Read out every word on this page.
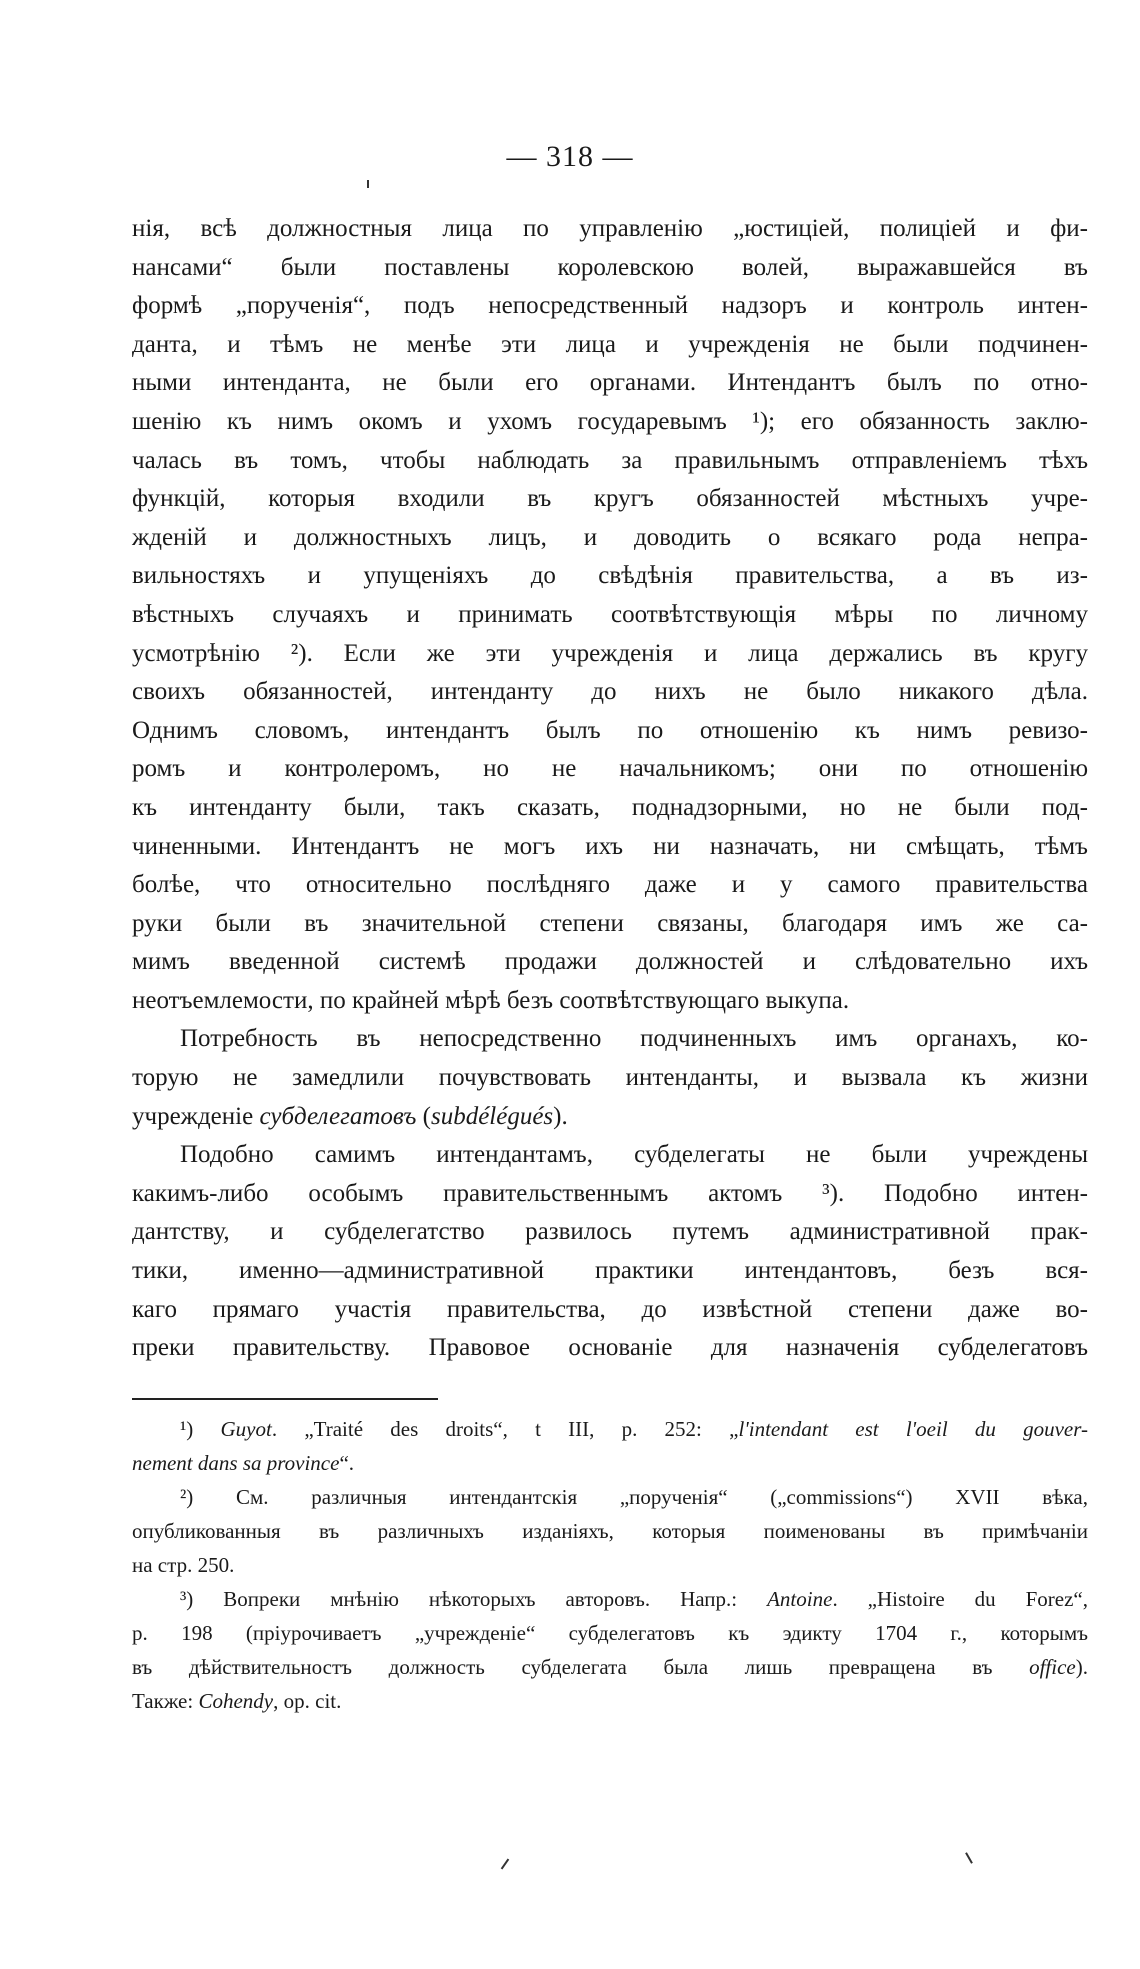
— 318 —
нія, всѣ должностныя лица по управленію „юстиціей, полиціей и фи-
нансами“ были поставлены королевскою волей, выражавшейся въ
формѣ „порученія“, подъ непосредственный надзоръ и контроль интен-
данта, и тѣмъ не менѣе эти лица и учрежденія не были подчинен-
ными интенданта, не были его органами. Интендантъ былъ по отно-
шенію къ нимъ окомъ и ухомъ государевымъ ¹); его обязанность заклю-
чалась въ томъ, чтобы наблюдать за правильнымъ отправленіемъ тѣхъ
функцій, которыя входили въ кругъ обязанностей мѣстныхъ учре-
жденій и должностныхъ лицъ, и доводить о всякаго рода непра-
вильностяхъ и упущеніяхъ до свѣдѣнія правительства, а въ из-
вѣстныхъ случаяхъ и принимать соотвѣтствующія мѣры по личному
усмотрѣнію ²). Если же эти учрежденія и лица держались въ кругу
своихъ обязанностей, интенданту до нихъ не было никакого дѣла.
Однимъ словомъ, интендантъ былъ по отношенію къ нимъ ревизо-
ромъ и контролеромъ, но не начальникомъ; они по отношенію
къ интенданту были, такъ сказать, поднадзорными, но не были под-
чиненными. Интендантъ не могъ ихъ ни назначать, ни смѣщать, тѣмъ
болѣе, что относительно послѣдняго даже и у самого правительства
руки были въ значительной степени связаны, благодаря имъ же са-
мимъ введенной системѣ продажи должностей и слѣдовательно ихъ
неотъемлемости, по крайней мѣрѣ безъ соотвѣтствующаго выкупа.
Потребность въ непосредственно подчиненныхъ имъ органахъ, ко-
торую не замедлили почувствовать интенданты, и вызвала къ жизни
учрежденіе субделегатовъ (subdélégués).
Подобно самимъ интендантамъ, субделегаты не были учреждены
какимъ-либо особымъ правительственнымъ актомъ ³). Подобно интен-
дантству, и субделегатство развилось путемъ административной прак-
тики, именно—административной практики интендантовъ, безъ вся-
каго прямаго участія правительства, до извѣстной степени даже во-
преки правительству. Правовое основаніе для назначенія субделегатовъ
¹) Guyot. „Traité des droits“, t III, p. 252: „l'intendant est l'oeil du gouver-
nement dans sa province“.
²) См. различныя интендантскія „порученія“ („commissions“) XVII вѣка,
опубликованныя въ различныхъ изданіяхъ, которыя поименованы въ примѣчаніи
на стр. 250.
³) Вопреки мнѣнію нѣкоторыхъ авторовъ. Напр.: Antoine. „Histoire du Forez“,
p. 198 (пріурочиваетъ „учрежденіе“ субделегатовъ къ эдикту 1704 г., которымъ
въ дѣйствительностъ должность субделегата была лишь превращена въ office).
Также: Cohendy, op. cit.
